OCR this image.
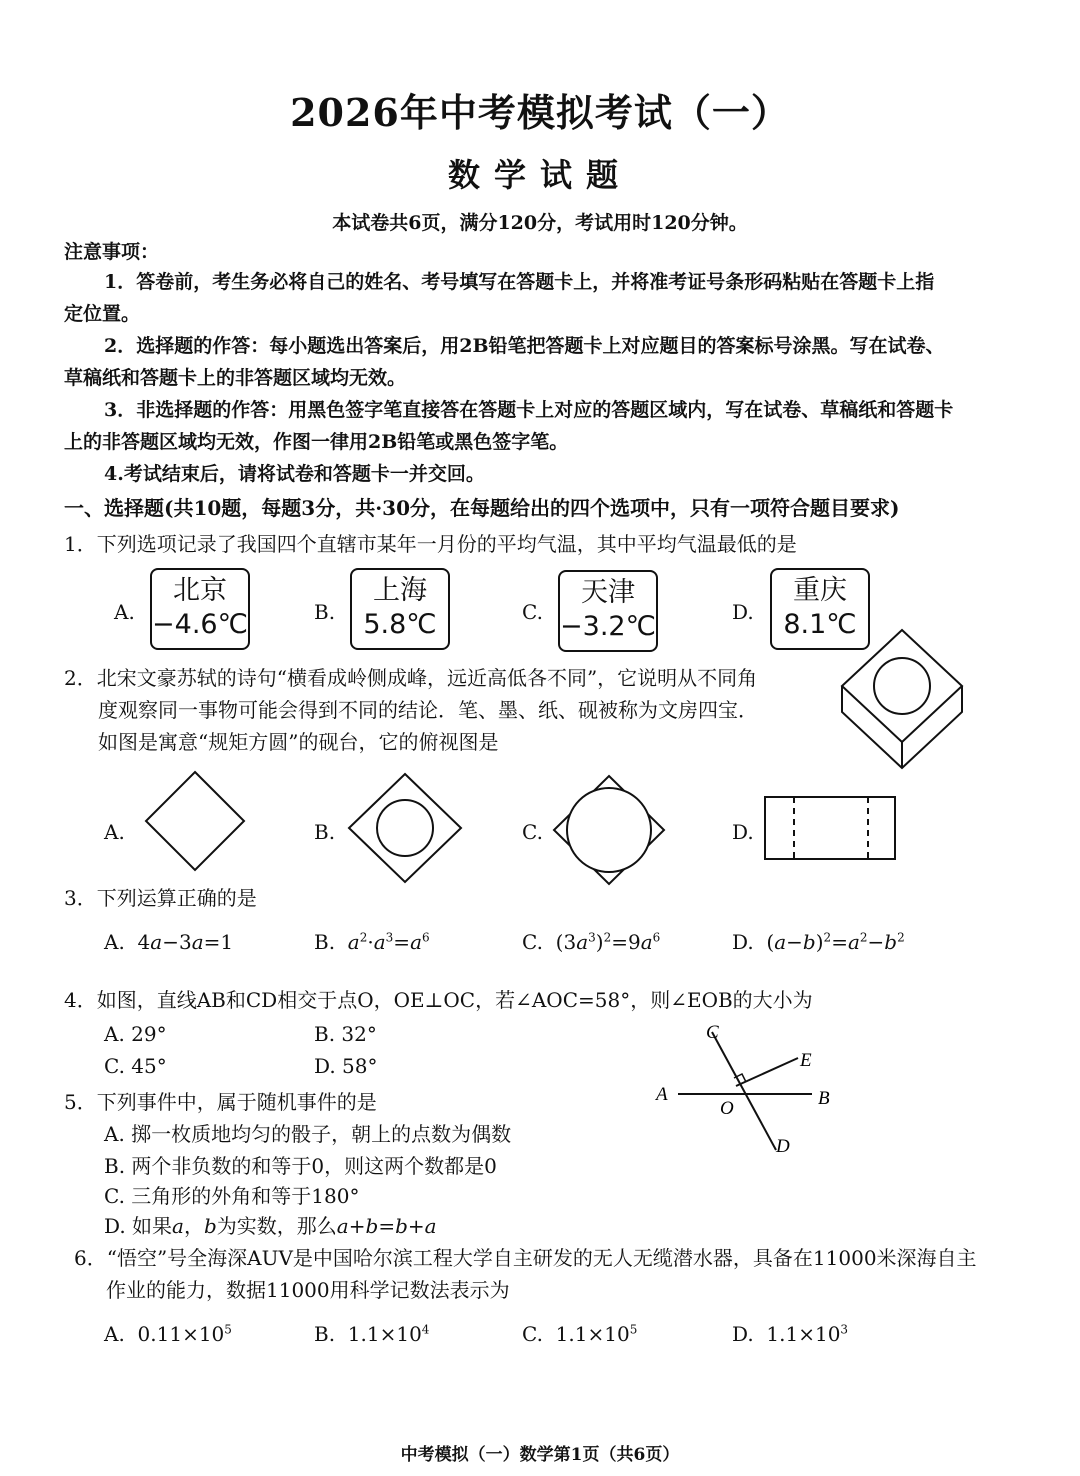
2026年中考模拟考试（一）
数学试题
本试卷共6页，满分120分，考试用时120分钟。
注意事项：
1．答卷前，考生务必将自己的姓名、考号填写在答题卡上，并将准考证号条形码粘贴在答题卡上指
定位置。
2．选择题的作答：每小题选出答案后，用2B铅笔把答题卡上对应题目的答案标号涂黑。写在试卷、
草稿纸和答题卡上的非答题区域均无效。
3．非选择题的作答：用黑色签字笔直接答在答题卡上对应的答题区域内，写在试卷、草稿纸和答题卡
上的非答题区域均无效，作图一律用2B铅笔或黑色签字笔。
4.考试结束后，请将试卷和答题卡一并交回。
一、选择题(共10题，每题3分，共·30分，在每题给出的四个选项中，只有一项符合题目要求)
1．下列选项记录了我国四个直辖市某年一月份的平均气温，其中平均气温最低的是
A.
北京
−4.6℃	B.
上海
5.8℃	C.
天津
−3.2℃	D.
重庆
8.1℃
2．北宋文豪苏轼的诗句“横看成岭侧成峰，远近高低各不同”，它说明从不同角
度观察同一事物可能会得到不同的结论．笔、墨、纸、砚被称为文房四宝．
如图是寓意“规矩方圆”的砚台，它的俯视图是
A.	B.	C.	D.
3．下列运算正确的是
A.  4a−3a=1	B. $a^2\cdot a^3=a^6$	C.  $(3a^3)^2=9a^6$	D.  $(a-b)^2=a^2-b^2$
4．如图，直线AB和CD相交于点O，OE⊥OC，若∠AOC=58°，则∠EOB的大小为
A. 29°	B. 32°
C. 45°	D. 58°
C
E
A	B
O
D
5．下列事件中，属于随机事件的是
A. 掷一枚质地均匀的骰子，朝上的点数为偶数
B. 两个非负数的和等于0，则这两个数都是0
C. 三角形的外角和等于180°
D. 如果a，b为实数，那么a+b=b+a
6．“悟空”号全海深AUV是中国哈尔滨工程大学自主研发的无人无缆潜水器，具备在11000米深海自主
作业的能力，数据11000用科学记数法表示为
A. $0.11\times 10^5$	B. $1.1\times 10^4$	C. $1.1\times 10^5$	D. $1.1\times 10^3$
中考模拟（一）数学第1页（共6页）
